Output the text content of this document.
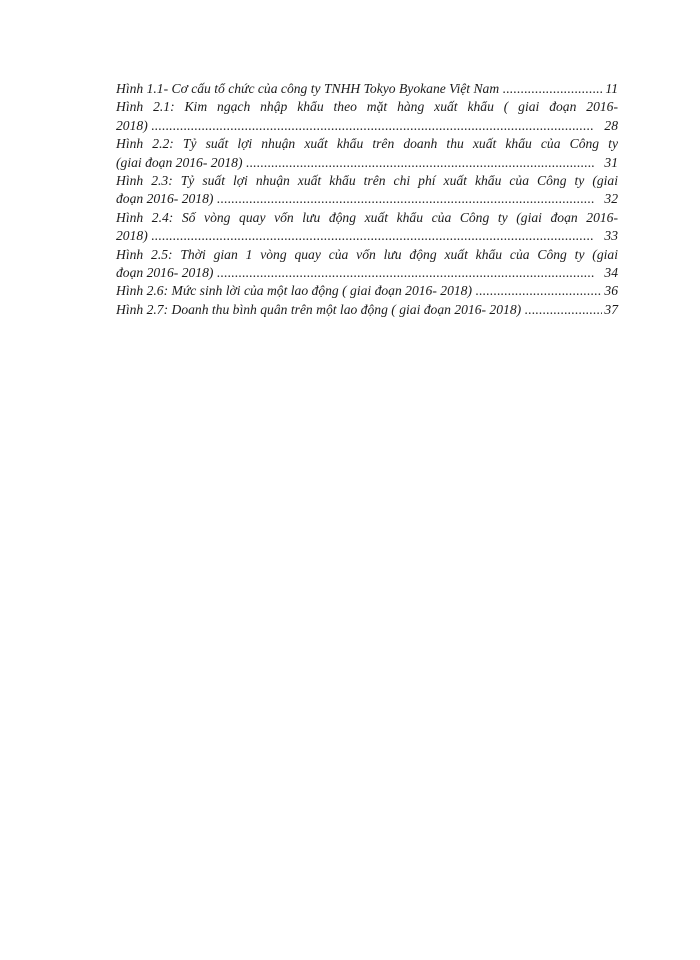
Hình 1.1- Cơ cấu tổ chức của công ty TNHH Tokyo Byokane Việt Nam .....	11
Hình 2.1: Kim ngạch nhập khẩu theo mặt hàng xuất khẩu ( giai đoạn 2016-
2018) .....	28
Hình 2.2: Tỷ suất lợi nhuận xuất khẩu trên doanh thu xuất khẩu của Công ty
(giai đoạn 2016- 2018) .....	31
Hình 2.3: Tỷ suất lợi nhuận xuất khẩu trên chi phí xuất khẩu của Công ty (giai
đoạn 2016- 2018) .....	32
Hình 2.4: Số vòng quay vốn lưu động xuất khẩu của Công ty (giai đoạn 2016-
2018) .....	33
Hình 2.5: Thời gian 1 vòng quay của vốn lưu động xuất khẩu của Công ty (giai
đoạn 2016- 2018) .....	34
Hình 2.6: Mức sinh lời của một lao động ( giai đoạn 2016- 2018) .....	36
Hình 2.7: Doanh thu bình quân trên một lao động ( giai đoạn 2016- 2018) .....	37
